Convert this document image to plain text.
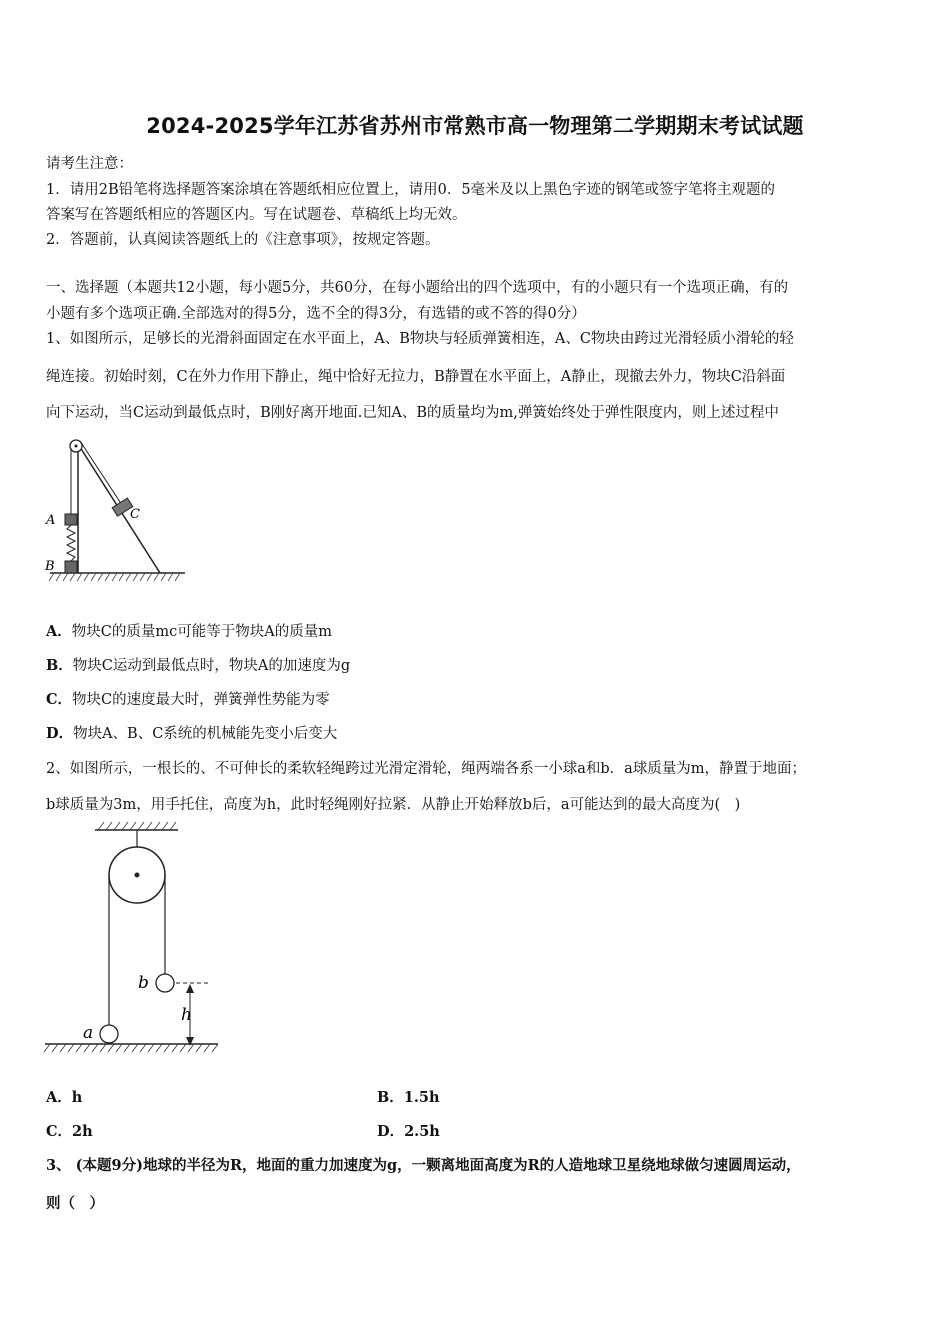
2024-2025学年江苏省苏州市常熟市高一物理第二学期期末考试试题
请考生注意：
1．请用2B铅笔将选择题答案涂填在答题纸相应位置上，请用0．5毫米及以上黑色字迹的钢笔或签字笔将主观题的
答案写在答题纸相应的答题区内。写在试题卷、草稿纸上均无效。
2．答题前，认真阅读答题纸上的《注意事项》，按规定答题。
一、选择题（本题共12小题，每小题5分，共60分，在每小题给出的四个选项中，有的小题只有一个选项正确，有的
小题有多个选项正确.全部选对的得5分，选不全的得3分，有选错的或不答的得0分）
1、如图所示，足够长的光滑斜面固定在水平面上，A、B物块与轻质弹簧相连，A、C物块由跨过光滑轻质小滑轮的轻
绳连接。初始时刻，C在外力作用下静止，绳中恰好无拉力，B静置在水平面上，A静止，现撤去外力，物块C沿斜面
向下运动，当C运动到最低点时，B刚好离开地面.已知A、B的质量均为m,弹簧始终处于弹性限度内，则上述过程中
A
B
C
A．物块C的质量mc可能等于物块A的质量m
B．物块C运动到最低点时，物块A的加速度为g
C．物块C的速度最大时，弹簧弹性势能为零
D．物块A、B、C系统的机械能先变小后变大
2、如图所示，一根长的、不可伸长的柔软轻绳跨过光滑定滑轮，绳两端各系一小球a和b．a球质量为m，静置于地面；
b球质量为3m，用手托住，高度为h，此时轻绳刚好拉紧．从静止开始释放b后，a可能达到的最大高度为(　)
b
h
a
A．h	B．1.5h
C．2h	D．2.5h
3、 (本题9分)地球的半径为R，地面的重力加速度为g，一颗离地面高度为R的人造地球卫星绕地球做匀速圆周运动，
则（　）
